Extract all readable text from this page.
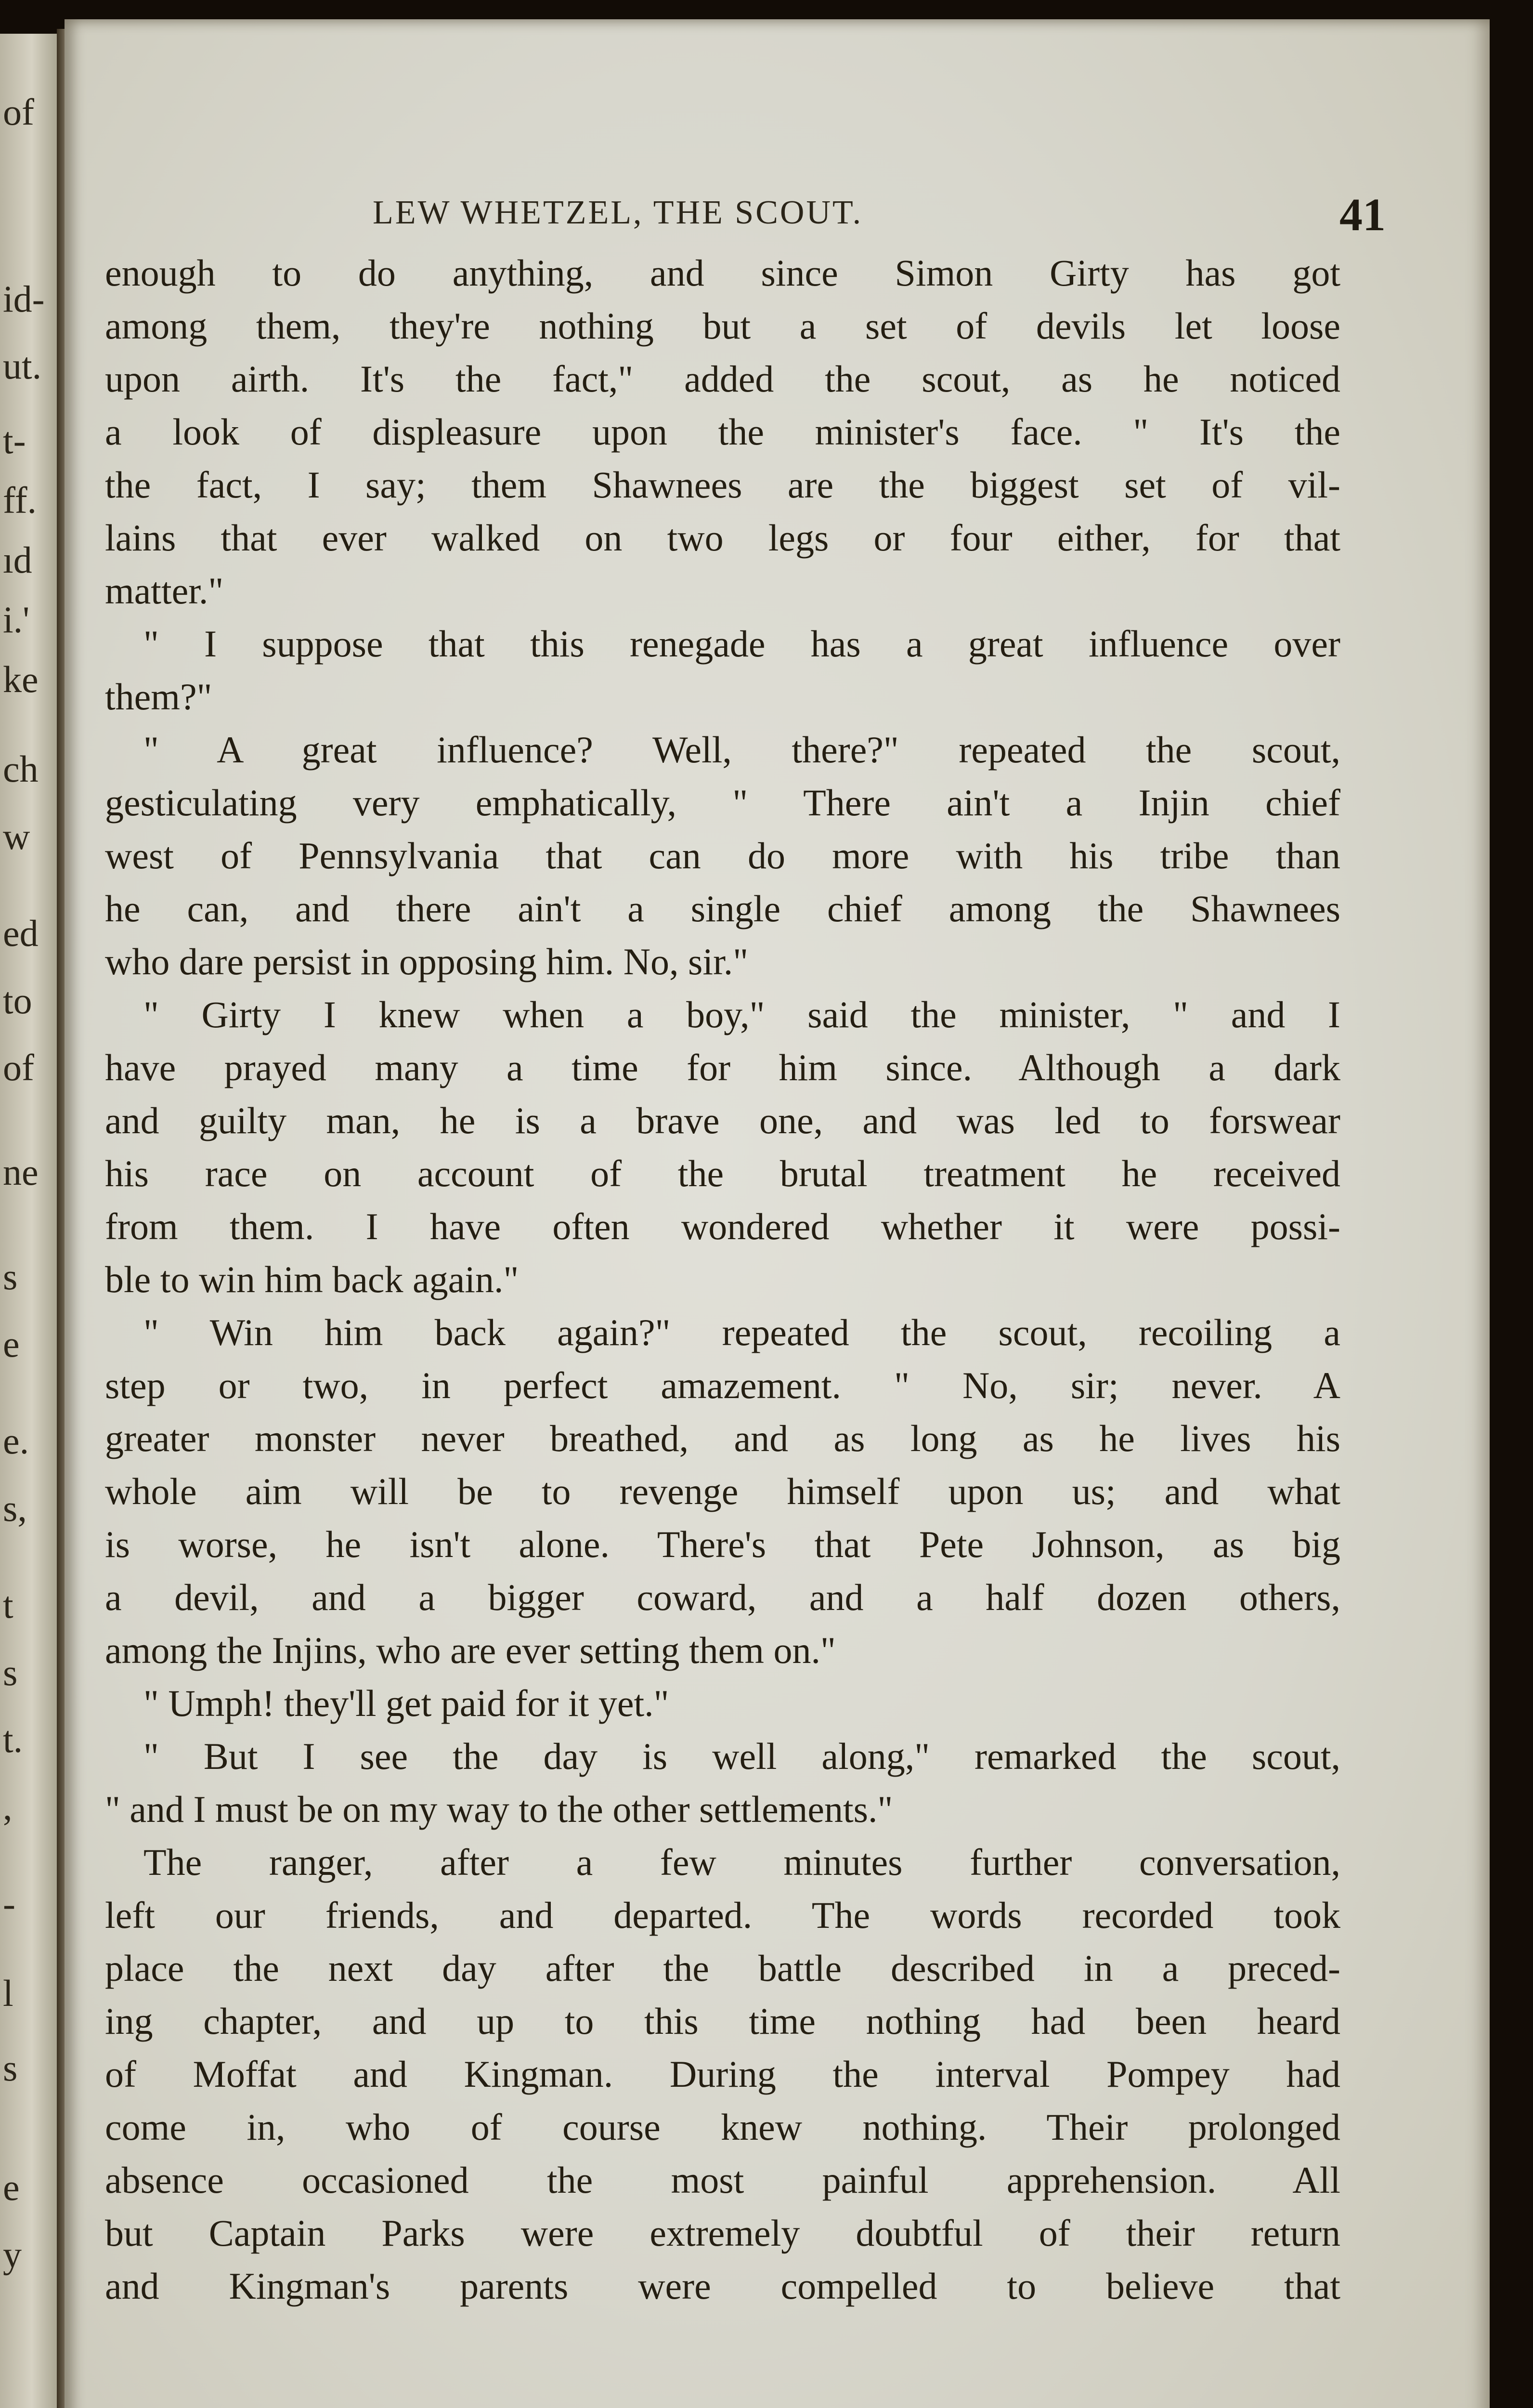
of
id-
ut.
t-
ff.
ıd
i.'
ke
ch
w
ed
to
of
ne
s
e
e.
s,
t
s
t.
,
-
l
s
e
y
LEW WHETZEL, THE SCOUT.	41
enough to do anything, and since Simon Girty has got
among them, they're nothing but a set of devils let loose
upon airth. It's the fact," added the scout, as he noticed
a look of displeasure upon the minister's face. " It's the
the fact, I say; them Shawnees are the biggest set of vil-
lains that ever walked on two legs or four either, for that
matter."
" I suppose that this renegade has a great influence over
them?"
" A great influence? Well, there?" repeated the scout,
gesticulating very emphatically, " There ain't a Injin chief
west of Pennsylvania that can do more with his tribe than
he can, and there ain't a single chief among the Shawnees
who dare persist in opposing him. No, sir."
" Girty I knew when a boy," said the minister, " and I
have prayed many a time for him since. Although a dark
and guilty man, he is a brave one, and was led to forswear
his race on account of the brutal treatment he received
from them. I have often wondered whether it were possi-
ble to win him back again."
" Win him back again?" repeated the scout, recoiling a
step or two, in perfect amazement. " No, sir; never. A
greater monster never breathed, and as long as he lives his
whole aim will be to revenge himself upon us; and what
is worse, he isn't alone. There's that Pete Johnson, as big
a devil, and a bigger coward, and a half dozen others,
among the Injins, who are ever setting them on."
" Umph! they'll get paid for it yet."
" But I see the day is well along," remarked the scout,
" and I must be on my way to the other settlements."
The ranger, after a few minutes further conversation,
left our friends, and departed. The words recorded took
place the next day after the battle described in a preced-
ing chapter, and up to this time nothing had been heard
of Moffat and Kingman. During the interval Pompey had
come in, who of course knew nothing. Their prolonged
absence occasioned the most painful apprehension. All
but Captain Parks were extremely doubtful of their return
and Kingman's parents were compelled to believe that
